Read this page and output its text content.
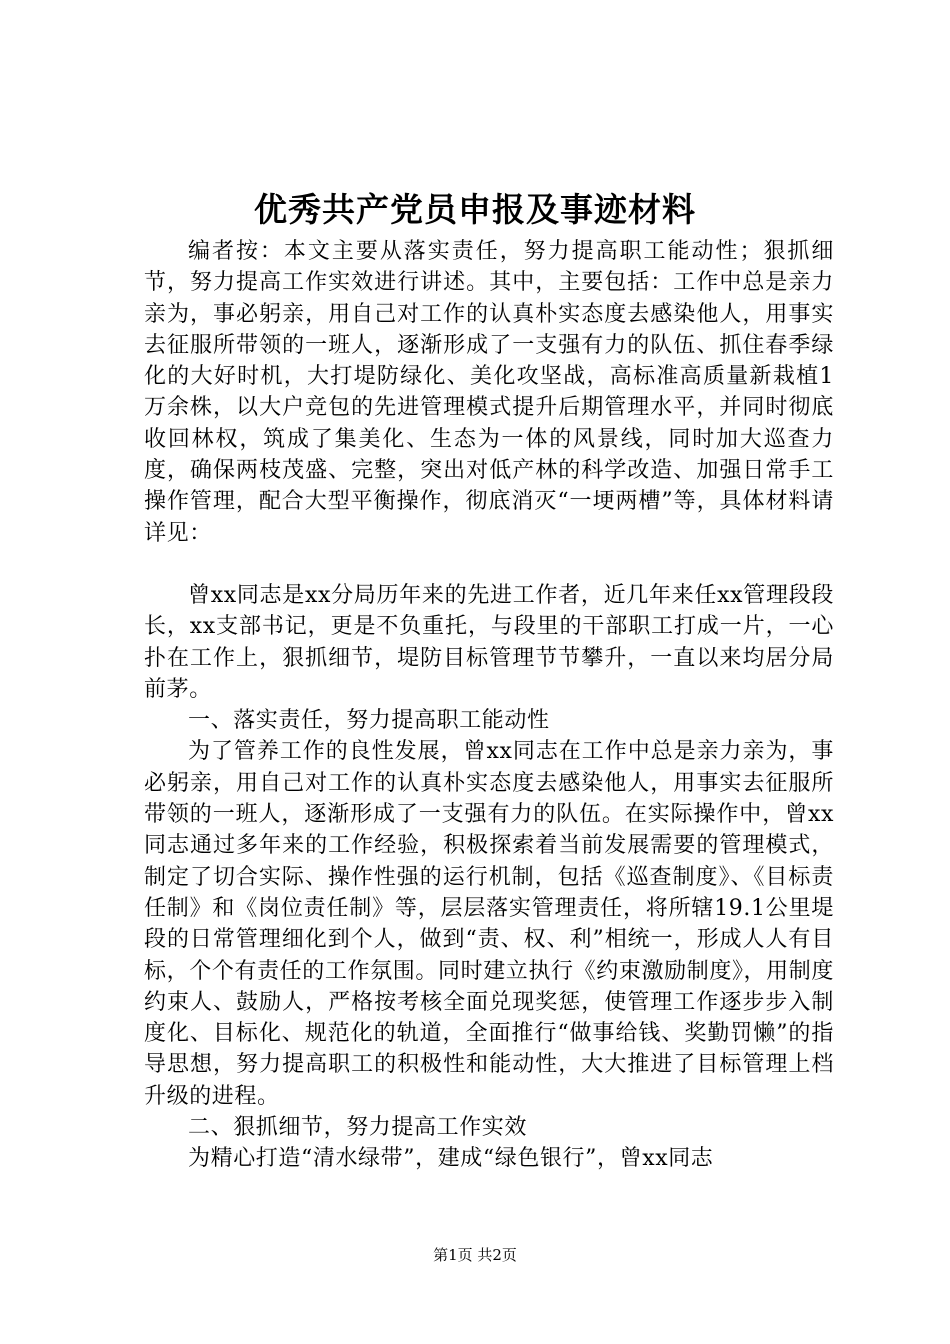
优秀共产党员申报及事迹材料

编者按：本文主要从落实责任，努力提高职工能动性；狠抓细节，努力提高工作实效进行讲述。其中，主要包括：工作中总是亲力亲为，事必躬亲，用自己对工作的认真朴实态度去感染他人，用事实去征服所带领的一班人，逐渐形成了一支强有力的队伍、抓住春季绿化的大好时机，大打堤防绿化、美化攻坚战，高标准高质量新栽植1万余株，以大户竞包的先进管理模式提升后期管理水平，并同时彻底收回林权，筑成了集美化、生态为一体的风景线，同时加大巡查力度，确保两枝茂盛、完整，突出对低产林的科学改造、加强日常手工操作管理，配合大型平衡操作，彻底消灭“一埂两槽”等，具体材料请详见：

曾xx同志是xx分局历年来的先进工作者，近几年来任xx管理段段长，xx支部书记，更是不负重托，与段里的干部职工打成一片，一心扑在工作上，狠抓细节，堤防目标管理节节攀升，一直以来均居分局前茅。

一、落实责任，努力提高职工能动性

为了管养工作的良性发展，曾xx同志在工作中总是亲力亲为，事必躬亲，用自己对工作的认真朴实态度去感染他人，用事实去征服所带领的一班人，逐渐形成了一支强有力的队伍。在实际操作中，曾xx同志通过多年来的工作经验，积极探索着当前发展需要的管理模式，制定了切合实际、操作性强的运行机制，包括《巡查制度》、《目标责任制》和《岗位责任制》等，层层落实管理责任，将所辖19.1公里堤段的日常管理细化到个人，做到“责、权、利”相统一，形成人人有目标，个个有责任的工作氛围。同时建立执行《约束激励制度》，用制度约束人、鼓励人，严格按考核全面兑现奖惩，使管理工作逐步步入制度化、目标化、规范化的轨道，全面推行“做事给钱、奖勤罚懒”的指导思想，努力提高职工的积极性和能动性，大大推进了目标管理上档升级的进程。

二、狠抓细节，努力提高工作实效

为精心打造“清水绿带”，建成“绿色银行”，曾xx同志

第1页 共2页
